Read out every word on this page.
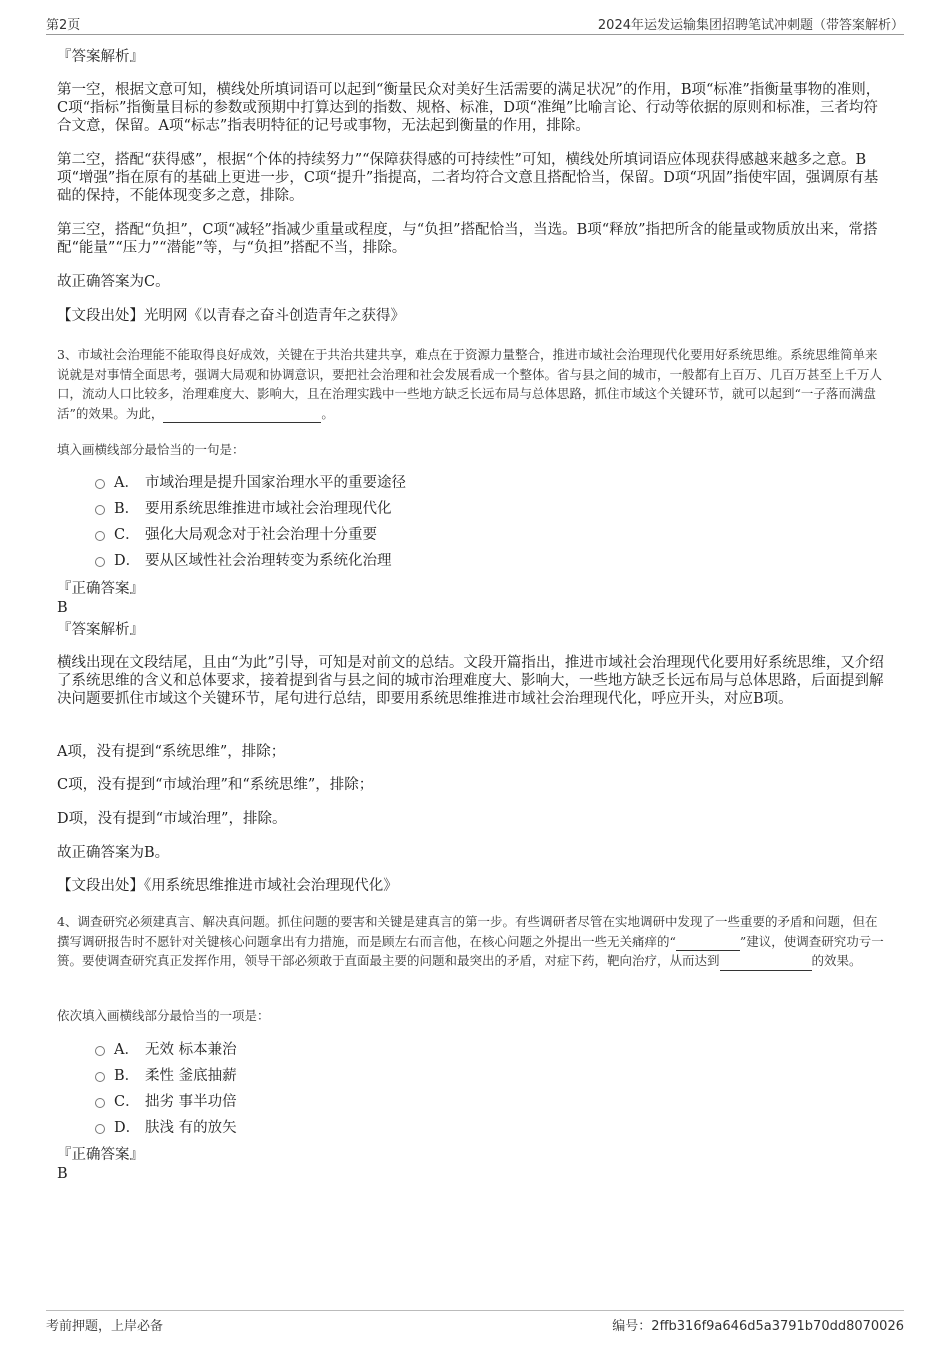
第2页	2024年运发运输集团招聘笔试冲刺题（带答案解析）

『答案解析』

第一空，根据文意可知，横线处所填词语可以起到“衡量民众对美好生活需要的满足状况”的作用，B项“标准”指衡量事物的准则，C项“指标”指衡量目标的参数或预期中打算达到的指数、规格、标准，D项“准绳”比喻言论、行动等依据的原则和标准，三者均符合文意，保留。A项“标志”指表明特征的记号或事物，无法起到衡量的作用，排除。

第二空，搭配“获得感”，根据“个体的持续努力”“保障获得感的可持续性”可知，横线处所填词语应体现获得感越来越多之意。B项“增强”指在原有的基础上更进一步，C项“提升”指提高，二者均符合文意且搭配恰当，保留。D项“巩固”指使牢固，强调原有基础的保持，不能体现变多之意，排除。

第三空，搭配“负担”，C项“减轻”指减少重量或程度，与“负担”搭配恰当，当选。B项“释放”指把所含的能量或物质放出来，常搭配“能量”“压力”“潜能”等，与“负担”搭配不当，排除。

故正确答案为C。

【文段出处】光明网《以青春之奋斗创造青年之获得》

3、市域社会治理能不能取得良好成效，关键在于共治共建共享，难点在于资源力量整合，推进市域社会治理现代化要用好系统思维。系统思维简单来说就是对事情全面思考，强调大局观和协调意识，要把社会治理和社会发展看成一个整体。省与县之间的城市，一般都有上百万、几百万甚至上千万人口，流动人口比较多，治理难度大、影响大，且在治理实践中一些地方缺乏长远布局与总体思路，抓住市域这个关键环节，就可以起到“一子落而满盘活”的效果。为此，	。

填入画横线部分最恰当的一句是：

A． 市域治理是提升国家治理水平的重要途径
B． 要用系统思维推进市域社会治理现代化
C． 强化大局观念对于社会治理十分重要
D． 要从区域性社会治理转变为系统化治理

『正确答案』

B

『答案解析』

横线出现在文段结尾，且由“为此”引导，可知是对前文的总结。文段开篇指出，推进市域社会治理现代化要用好系统思维，又介绍了系统思维的含义和总体要求，接着提到省与县之间的城市治理难度大、影响大，一些地方缺乏长远布局与总体思路，后面提到解决问题要抓住市域这个关键环节，尾句进行总结，即要用系统思维推进市域社会治理现代化，呼应开头，对应B项。

A项，没有提到“系统思维”，排除；

C项，没有提到“市域治理”和“系统思维”，排除；

D项，没有提到“市域治理”，排除。

故正确答案为B。

【文段出处】《用系统思维推进市域社会治理现代化》

4、调查研究必须建真言、解决真问题。抓住问题的要害和关键是建真言的第一步。有些调研者尽管在实地调研中发现了一些重要的矛盾和问题，但在撰写调研报告时不愿针对关键核心问题拿出有力措施，而是顾左右而言他，在核心问题之外提出一些无关痛痒的“	”建议，使调查研究功亏一篑。要使调查研究真正发挥作用，领导干部必须敢于直面最主要的问题和最突出的矛盾，对症下药，靶向治疗，从而达到	的效果。

依次填入画横线部分最恰当的一项是：

A． 无效 标本兼治
B． 柔性 釜底抽薪
C． 拙劣 事半功倍
D． 肤浅 有的放矢

『正确答案』

B

考前押题，上岸必备	编号：2ffb316f9a646d5a3791b70dd8070026
